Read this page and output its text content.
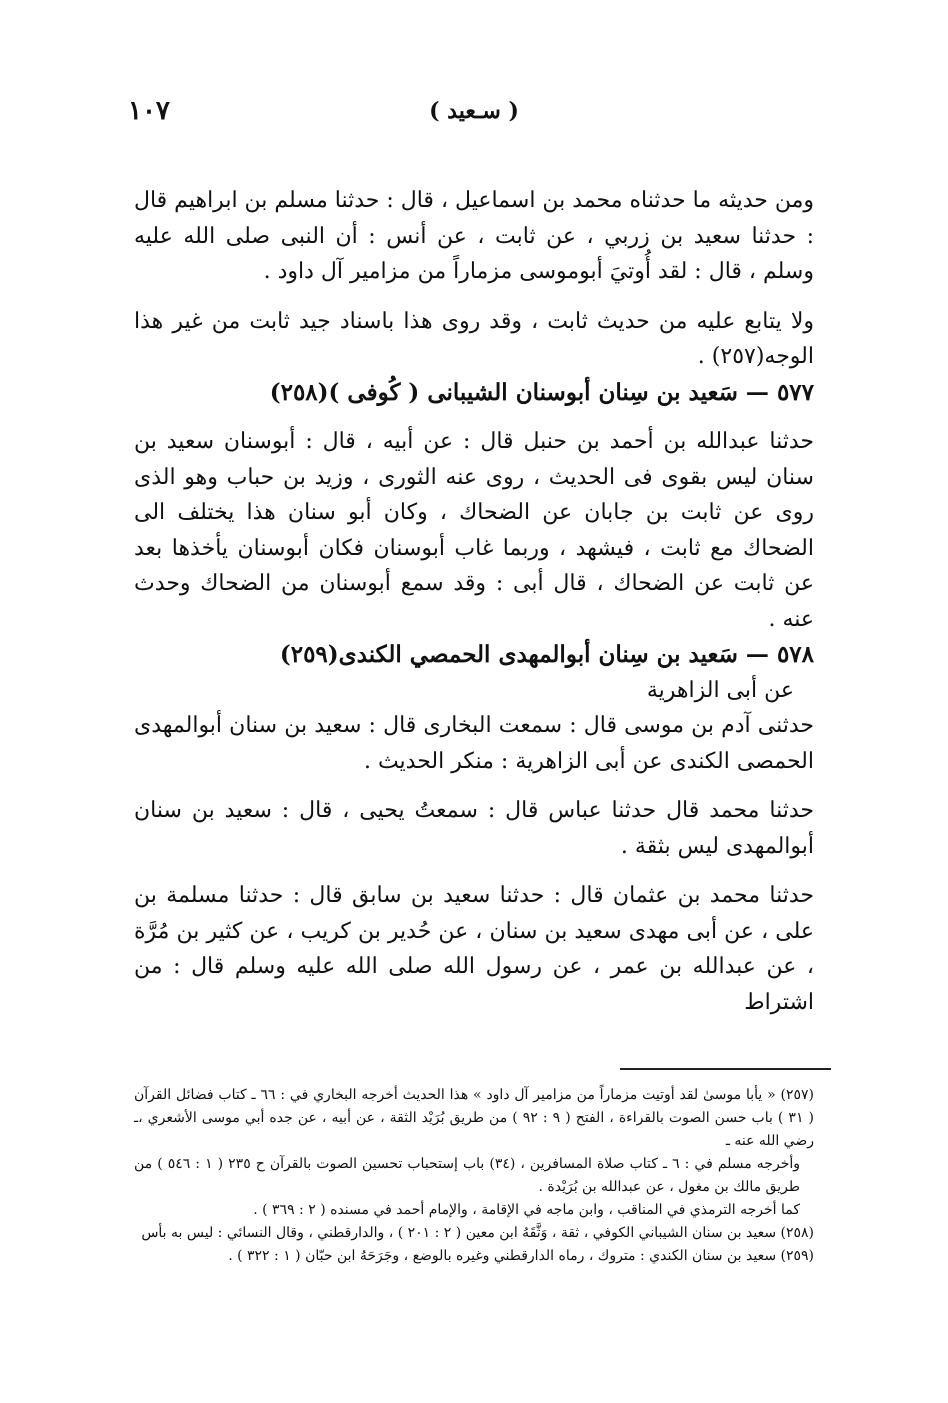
١٠٧	( سـعيد )

ومن حديثه ما حدثناه محمد بن اسماعيل ، قال : حدثنا مسلم بن ابراهيم قال : حدثنا سعيد بن زربي ، عن ثابت ، عن أنس : أن النبى صلى الله عليه وسلم ، قال : لقد أُوتيَ أبوموسى مزماراً من مزامير آل داود .

ولا يتابع عليه من حديث ثابت ، وقد روى هذا باسناد جيد ثابت من غير هذا الوجه(٢٥٧) .

٥٧٧ — سَعيد بن سِنان أبوسنان الشيبانى ( كُوفى )(٢٥٨)

حدثنا عبدالله بن أحمد بن حنبل قال : عن أبيه ، قال : أبوسنان سعيد بن سنان ليس بقوى فى الحديث ، روى عنه الثورى ، وزيد بن حباب وهو الذى روى عن ثابت بن جابان عن الضحاك ، وكان أبو سنان هذا يختلف الى الضحاك مع ثابت ، فيشهد ، وربما غاب أبوسنان فكان أبوسنان يأخذها بعد عن ثابت عن الضحاك ، قال أبى : وقد سمع أبوسنان من الضحاك وحدث عنه .

٥٧٨ — سَعيد بن سِنان أبوالمهدى الحمصي الكندى(٢٥٩)

عن أبى الزاهرية

حدثنى آدم بن موسى قال : سمعت البخارى قال : سعيد بن سنان أبوالمهدى الحمصى الكندى عن أبى الزاهرية : منكر الحديث .

حدثنا محمد قال حدثنا عباس قال : سمعتُ يحيى ، قال : سعيد بن سنان أبوالمهدى ليس بثقة .

حدثنا محمد بن عثمان قال : حدثنا سعيد بن سابق قال : حدثنا مسلمة بن على ، عن أبى مهدى سعيد بن سنان ، عن حُدير بن كريب ، عن كثير بن مُرَّة ، عن عبدالله بن عمر ، عن رسول الله صلى الله عليه وسلم قال : من اشتراط

(٢٥٧) « يأبا موسىٰ لقد أوتيت مزماراً من مزامير آل داود » هذا الحديث أخرجه البخاري في : ٦٦ ـ كتاب فضائل القرآن ( ٣١ ) باب حسن الصوت بالقراءة ، الفتح ( ٩ : ٩٢ ) من طريق بُرَيْد الثقة ، عن أبيه ، عن جده أبي موسى الأشعري ،ـ رضي الله عنه ـ

وأخرجه مسلم في : ٦ ـ كتاب صلاة المسافرين ، (٣٤) باب إستحباب تحسين الصوت بالقرآن ح ٢٣٥ ( ١ : ٥٤٦ ) من طريق مالك بن مغول ، عن عبدالله بن بُرَيْدة .

كما أخرجه الترمذي في المناقب ، وابن ماجه في الإقامة ، والإمام أحمد في مسنده ( ٢ : ٣٦٩ ) .

(٢٥٨) سعيد بن سنان الشيباني الكوفي ، ثقة ، وَثَّقَهُ ابن معين ( ٢ : ٢٠١ ) ، والدارقطني ، وقال النسائي : ليس به بأس

(٢٥٩) سعيد بن سنان الكندي : متروك ، رماه الدارقطني وغيره بالوضع ، وجَرَحَهُ ابن حبّان ( ١ : ٣٢٢ ) .
